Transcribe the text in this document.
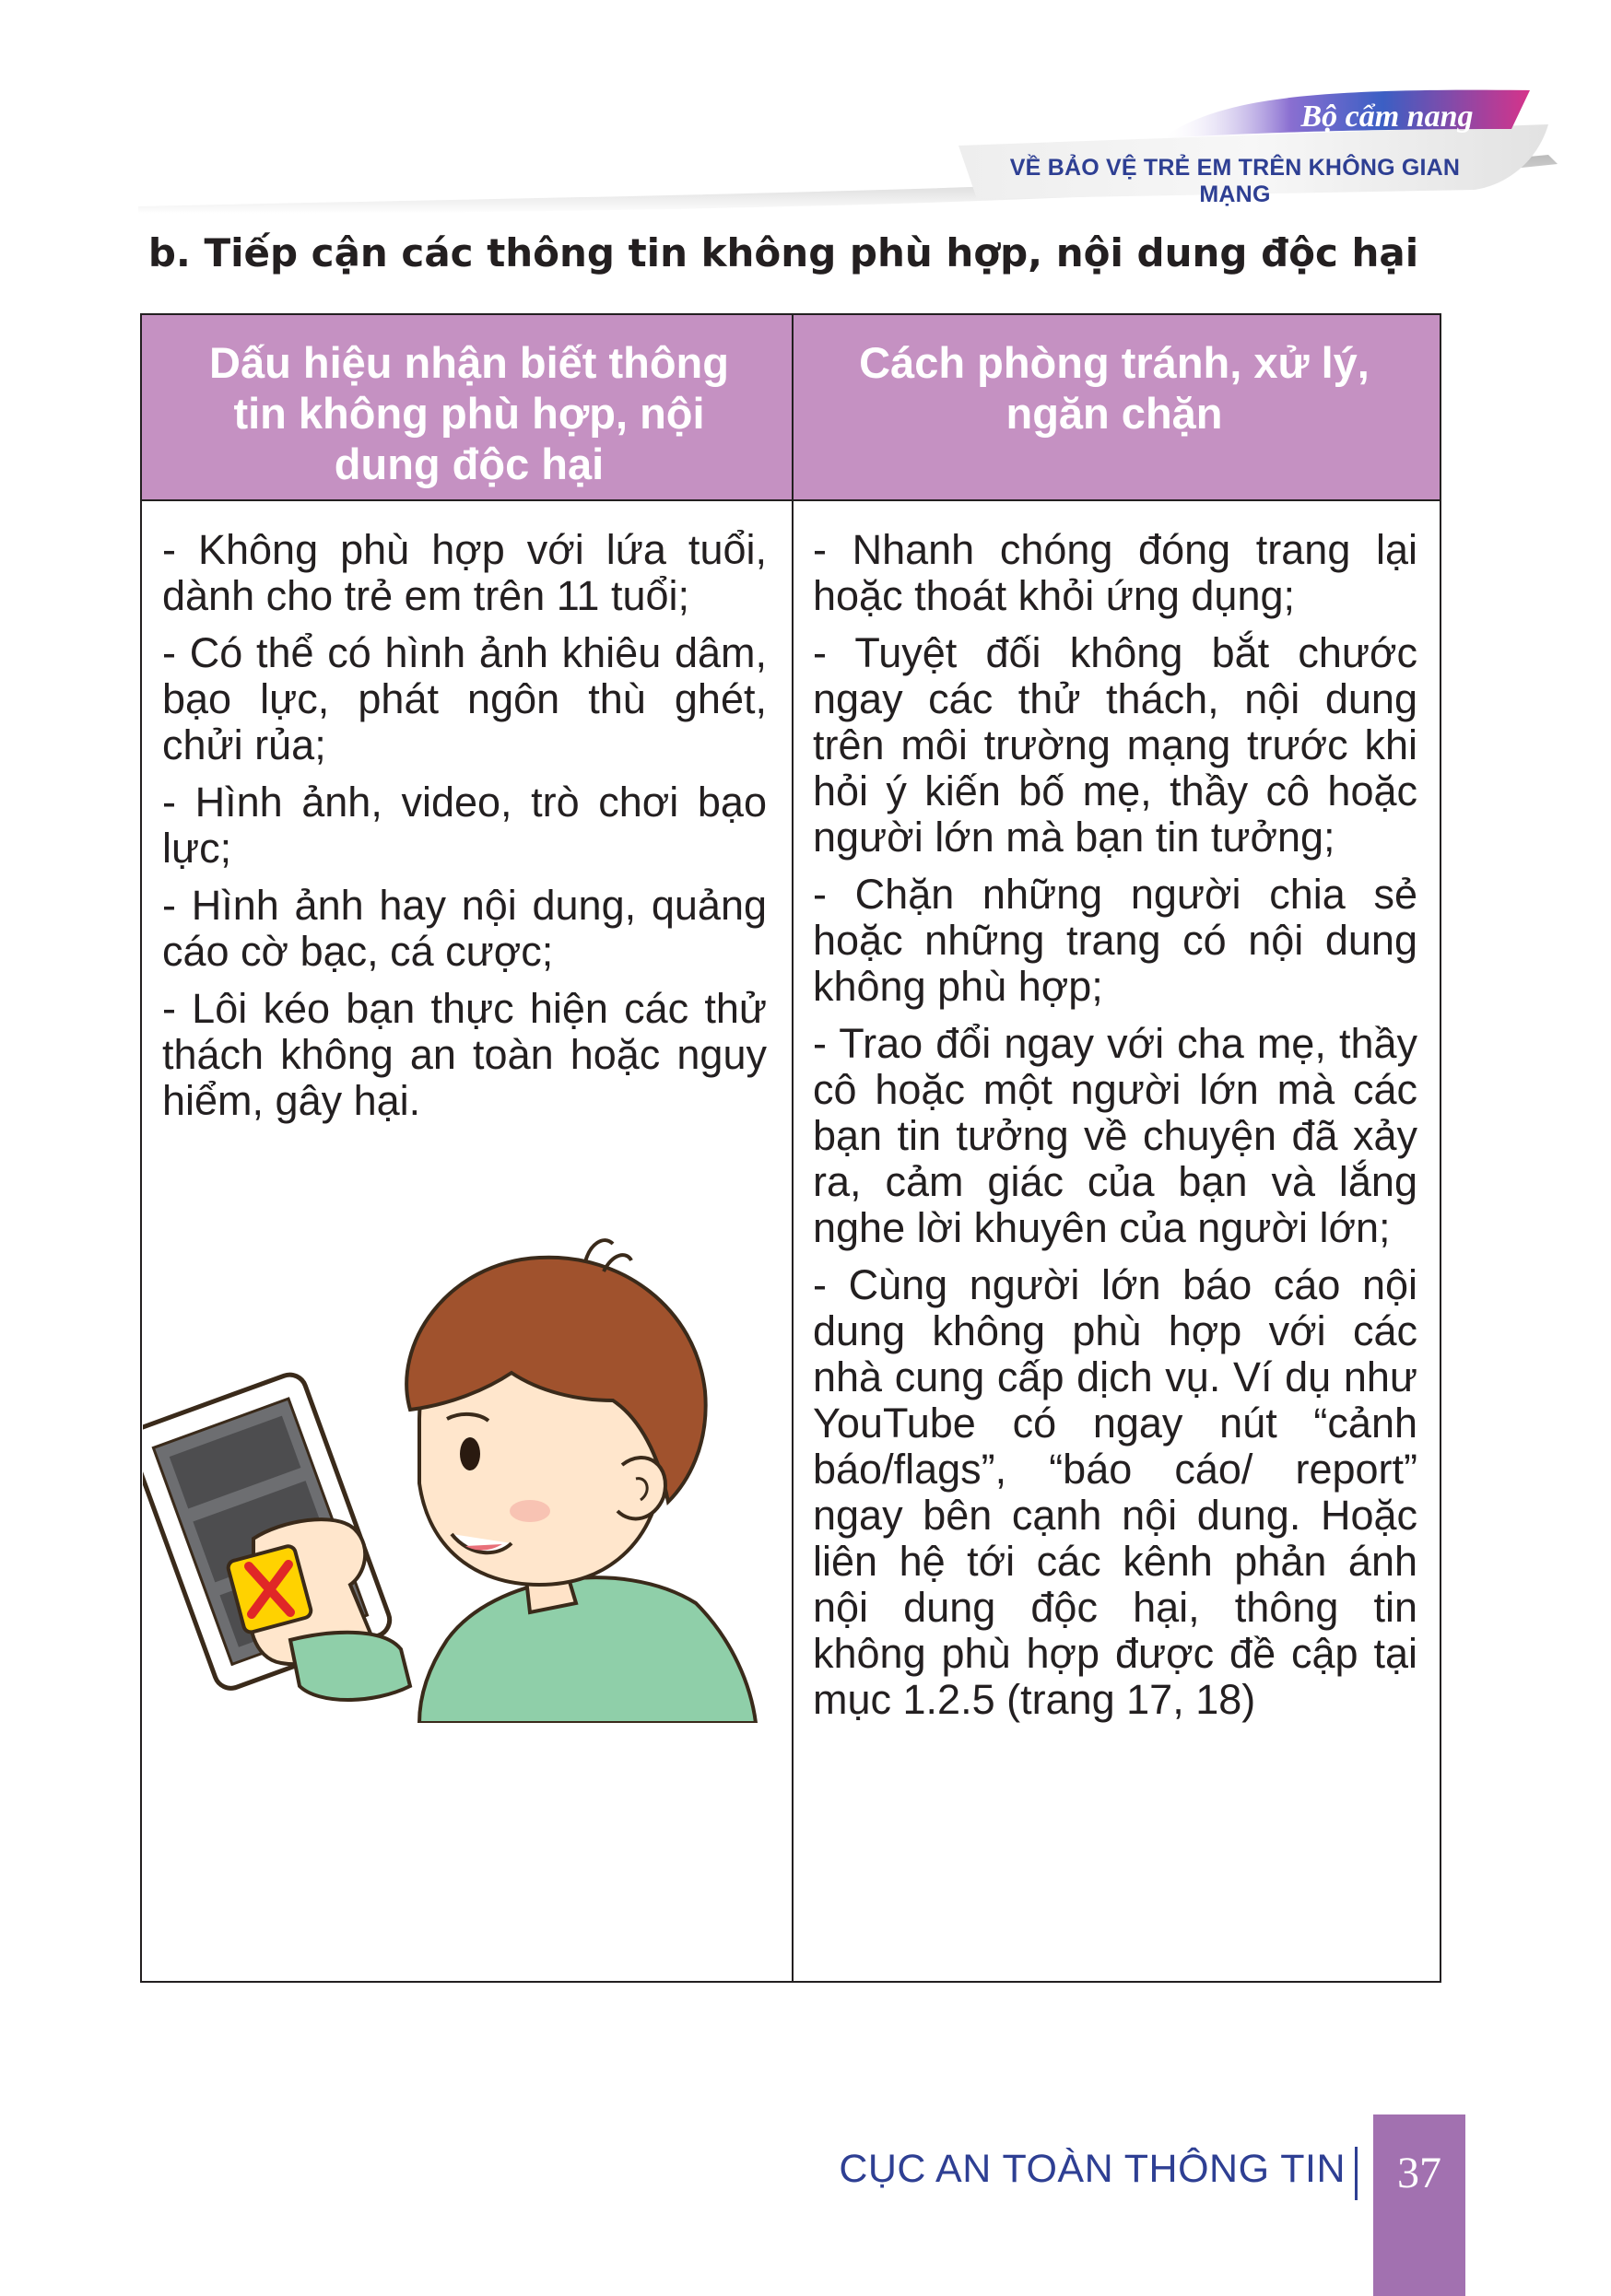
Bộ cẩm nang
VỀ BẢO VỆ TRẺ EM TRÊN KHÔNG GIAN MẠNG
b. Tiếp cận các thông tin không phù hợp, nội dung độc hại
Dấu hiệu nhận biết thông tin không phù hợp, nội dung độc hại
Cách phòng tránh, xử lý, ngăn chặn

- Không phù hợp với lứa tuổi, dành cho trẻ em trên 11 tuổi;

- Có thể có hình ảnh khiêu dâm, bạo lực, phát ngôn thù ghét, chửi rủa;

- Hình ảnh, video, trò chơi bạo lực;

- Hình ảnh hay nội dung, quảng cáo cờ bạc, cá cược;

- Lôi kéo bạn thực hiện các thử thách không an toàn hoặc nguy hiểm, gây hại.

- Nhanh chóng đóng trang lại hoặc thoát khỏi ứng dụng;

- Tuyệt đối không bắt chước ngay các thử thách, nội dung trên môi trường mạng trước khi hỏi ý kiến bố mẹ, thầy cô hoặc người lớn mà bạn tin tưởng;

- Chặn những người chia sẻ hoặc những trang có nội dung không phù hợp;

- Trao đổi ngay với cha mẹ, thầy cô hoặc một người lớn mà các bạn tin tưởng về chuyện đã xảy ra, cảm giác của bạn và lắng nghe lời khuyên của người lớn;

- Cùng người lớn báo cáo nội dung không phù hợp với các nhà cung cấp dịch vụ. Ví dụ như YouTube có ngay nút “cảnh báo/flags”, “báo cáo/ report” ngay bên cạnh nội dung. Hoặc liên hệ tới các kênh phản ánh nội dung độc hại, thông tin không phù hợp được đề cập tại mục 1.2.5 (trang 17, 18)

CỤC AN TOÀN THÔNG TIN	37
